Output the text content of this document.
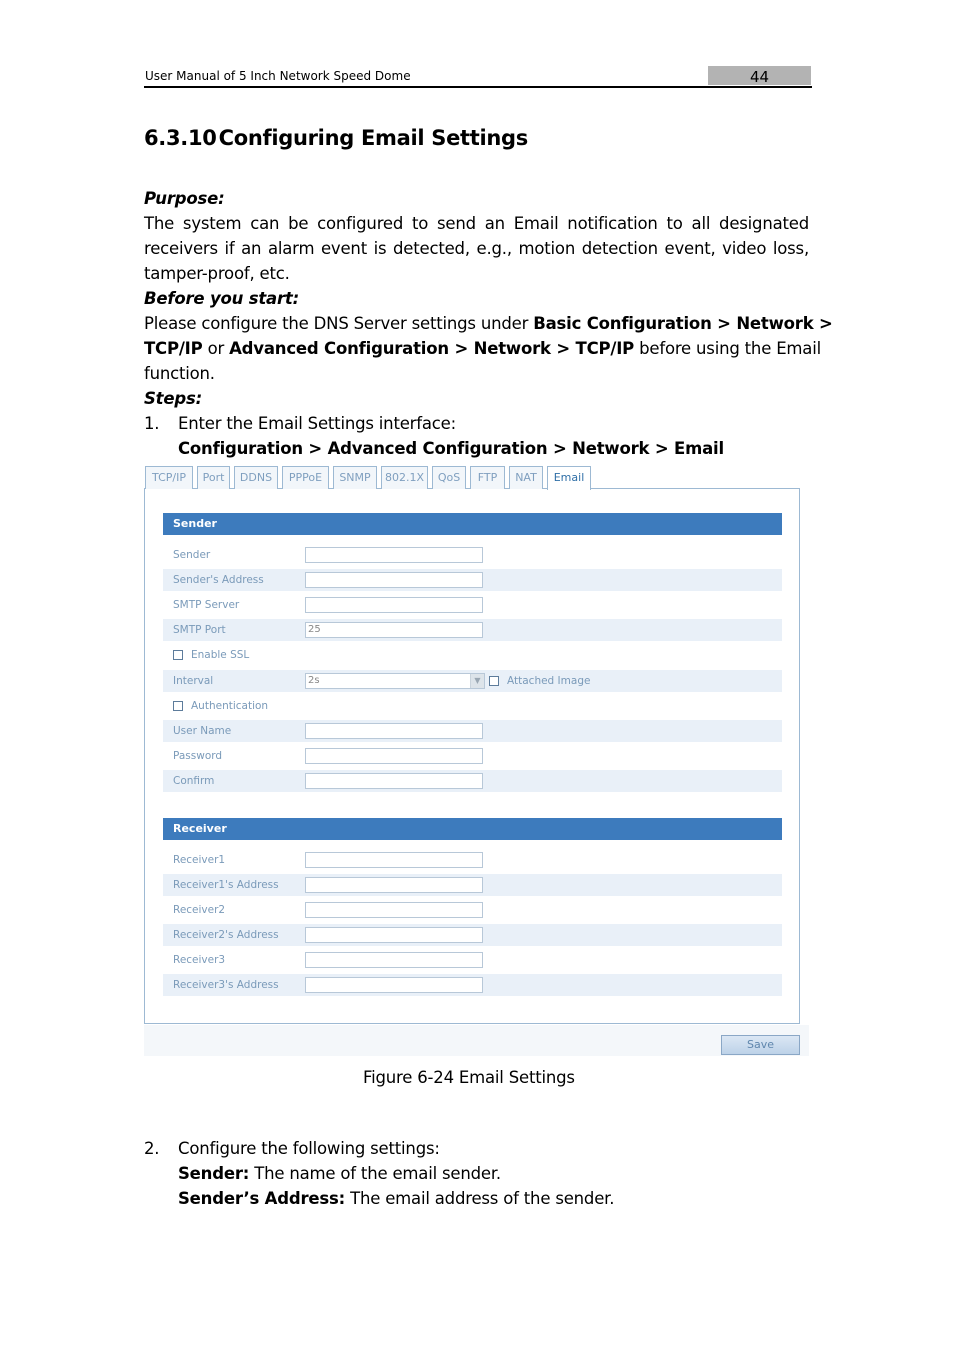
User Manual of 5 Inch Network Speed Dome	44
6.3.10Configuring Email Settings
Purpose:
The system can be configured to send an Email notification to all designated
receivers if an alarm event is detected, e.g., motion detection event, video loss,
tamper-proof, etc.
Before you start:
Please configure the DNS Server settings under Basic Configuration > Network >
TCP/IP or Advanced Configuration > Network > TCP/IP before using the Email
function.
Steps:
1. Enter the Email Settings interface:
Configuration > Advanced Configuration > Network > Email
TCP/IP	Port	DDNS	PPPoE	SNMP	802.1X	QoS	FTP	NAT	Email
Sender
Sender
Sender's Address
SMTP Server
SMTP Port	25
Enable SSL
Interval	2s	▼	Attached Image
Authentication
User Name
Password
Confirm
Receiver
Receiver1
Receiver1's Address
Receiver2
Receiver2's Address
Receiver3
Receiver3's Address
Save
Figure 6-24 Email Settings
2. Configure the following settings:
Sender: The name of the email sender.
Sender’s Address: The email address of the sender.
